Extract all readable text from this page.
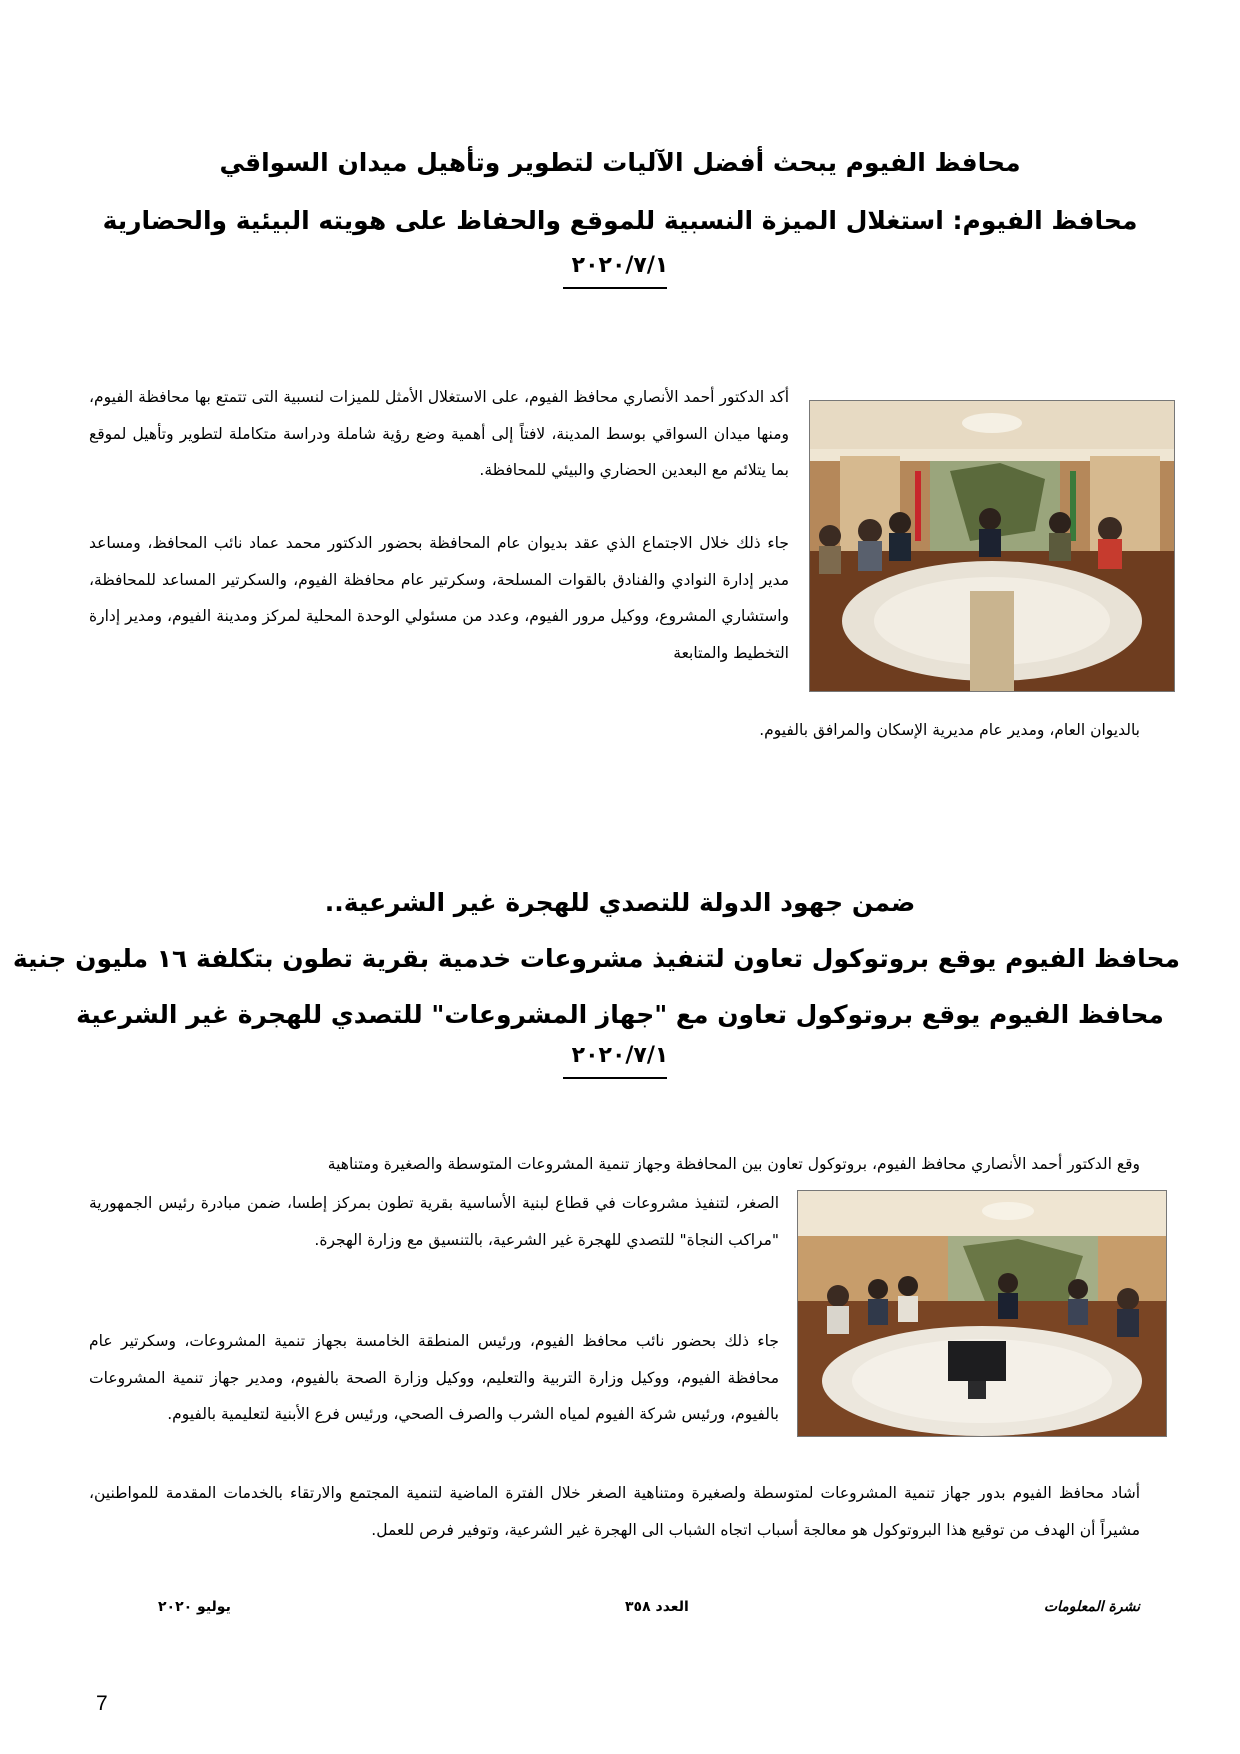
محافظ الفيوم يبحث أفضل الآليات لتطوير وتأهيل ميدان السواقي
محافظ الفيوم: استغلال الميزة النسبية للموقع والحفاظ على هويته البيئية والحضارية
٢٠٢٠/٧/١
أكد الدكتور أحمد الأنصاري محافظ الفيوم، على الاستغلال الأمثل للميزات لنسبية التى تتمتع بها محافظة الفيوم، ومنها ميدان السواقي بوسط المدينة، لافتاً إلى أهمية وضع رؤية شاملة ودراسة متكاملة لتطوير وتأهيل لموقع بما يتلائم مع البعدين الحضاري والبيئي للمحافظة.
جاء ذلك خلال الاجتماع الذي عقد بديوان عام المحافظة بحضور الدكتور محمد عماد نائب المحافظ، ومساعد مدير إدارة النوادي والفنادق بالقوات المسلحة، وسكرتير عام محافظة الفيوم، والسكرتير المساعد للمحافظة، واستشاري المشروع، ووكيل مرور الفيوم، وعدد من مسئولي الوحدة المحلية لمركز ومدينة الفيوم، ومدير إدارة التخطيط والمتابعة
بالديوان العام، ومدير عام مديرية الإسكان والمرافق بالفيوم.
ضمن جهود الدولة للتصدي للهجرة غير الشرعية..
محافظ الفيوم يوقع بروتوكول تعاون لتنفيذ مشروعات خدمية بقرية تطون بتكلفة ١٦ مليون جنية
محافظ الفيوم يوقع بروتوكول تعاون مع "جهاز المشروعات" للتصدي للهجرة غير الشرعية
٢٠٢٠/٧/١
وقع الدكتور أحمد الأنصاري محافظ الفيوم، بروتوكول تعاون بين المحافظة وجهاز تنمية المشروعات المتوسطة والصغيرة ومتناهية
الصغر، لتنفيذ مشروعات في قطاع لبنية الأساسية بقرية تطون بمركز إطسا، ضمن مبادرة رئيس الجمهورية "مراكب النجاة" للتصدي للهجرة غير الشرعية، بالتنسيق مع وزارة الهجرة.
جاء ذلك بحضور نائب محافظ الفيوم، ورئيس المنطقة الخامسة بجهاز تنمية المشروعات، وسكرتير عام محافظة الفيوم، ووكيل وزارة التربية والتعليم، ووكيل وزارة الصحة بالفيوم، ومدير جهاز تنمية المشروعات بالفيوم، ورئيس شركة الفيوم لمياه الشرب والصرف الصحي، ورئيس فرع الأبنية لتعليمية بالفيوم.
أشاد محافظ الفيوم بدور جهاز تنمية المشروعات لمتوسطة ولصغيرة ومتناهية الصغر خلال الفترة الماضية لتنمية المجتمع والارتقاء بالخدمات المقدمة للمواطنين، مشيراً أن الهدف من توقيع هذا البروتوكول هو معالجة أسباب اتجاه الشباب الى الهجرة غير الشرعية، وتوفير فرص للعمل.
نشرة المعلومات
العدد ٣٥٨
يوليو ٢٠٢٠
7
